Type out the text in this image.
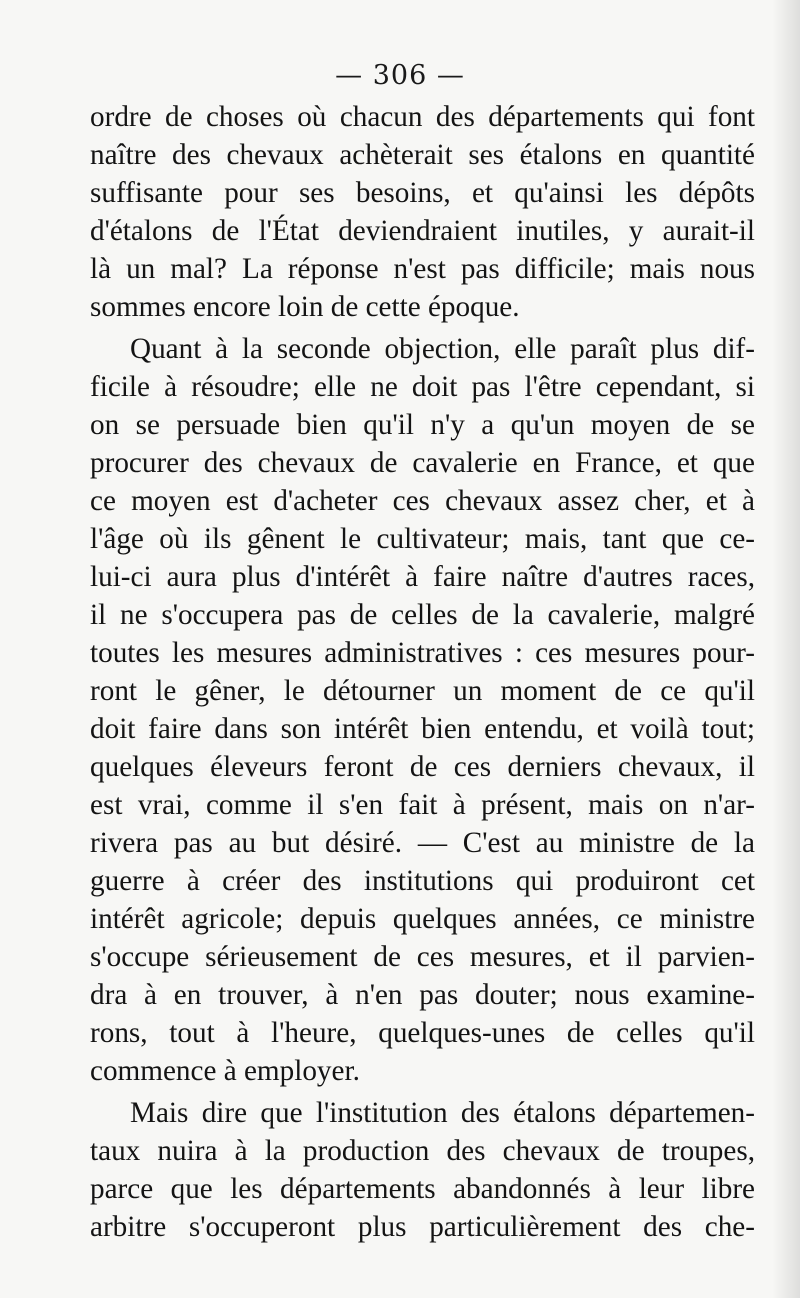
— 306 —
ordre de choses où chacun des départements qui font
naître des chevaux achèterait ses étalons en quantité
suffisante pour ses besoins, et qu'ainsi les dépôts
d'étalons de l'État deviendraient inutiles, y aurait-il
là un mal? La réponse n'est pas difficile; mais nous
sommes encore loin de cette époque.
Quant à la seconde objection, elle paraît plus dif-
ficile à résoudre; elle ne doit pas l'être cependant, si
on se persuade bien qu'il n'y a qu'un moyen de se
procurer des chevaux de cavalerie en France, et que
ce moyen est d'acheter ces chevaux assez cher, et à
l'âge où ils gênent le cultivateur; mais, tant que ce-
lui-ci aura plus d'intérêt à faire naître d'autres races,
il ne s'occupera pas de celles de la cavalerie, malgré
toutes les mesures administratives : ces mesures pour-
ront le gêner, le détourner un moment de ce qu'il
doit faire dans son intérêt bien entendu, et voilà tout;
quelques éleveurs feront de ces derniers chevaux, il
est vrai, comme il s'en fait à présent, mais on n'ar-
rivera pas au but désiré. — C'est au ministre de la
guerre à créer des institutions qui produiront cet
intérêt agricole; depuis quelques années, ce ministre
s'occupe sérieusement de ces mesures, et il parvien-
dra à en trouver, à n'en pas douter; nous examine-
rons, tout à l'heure, quelques-unes de celles qu'il
commence à employer.
Mais dire que l'institution des étalons départemen-
taux nuira à la production des chevaux de troupes,
parce que les départements abandonnés à leur libre
arbitre s'occuperont plus particulièrement des che-
